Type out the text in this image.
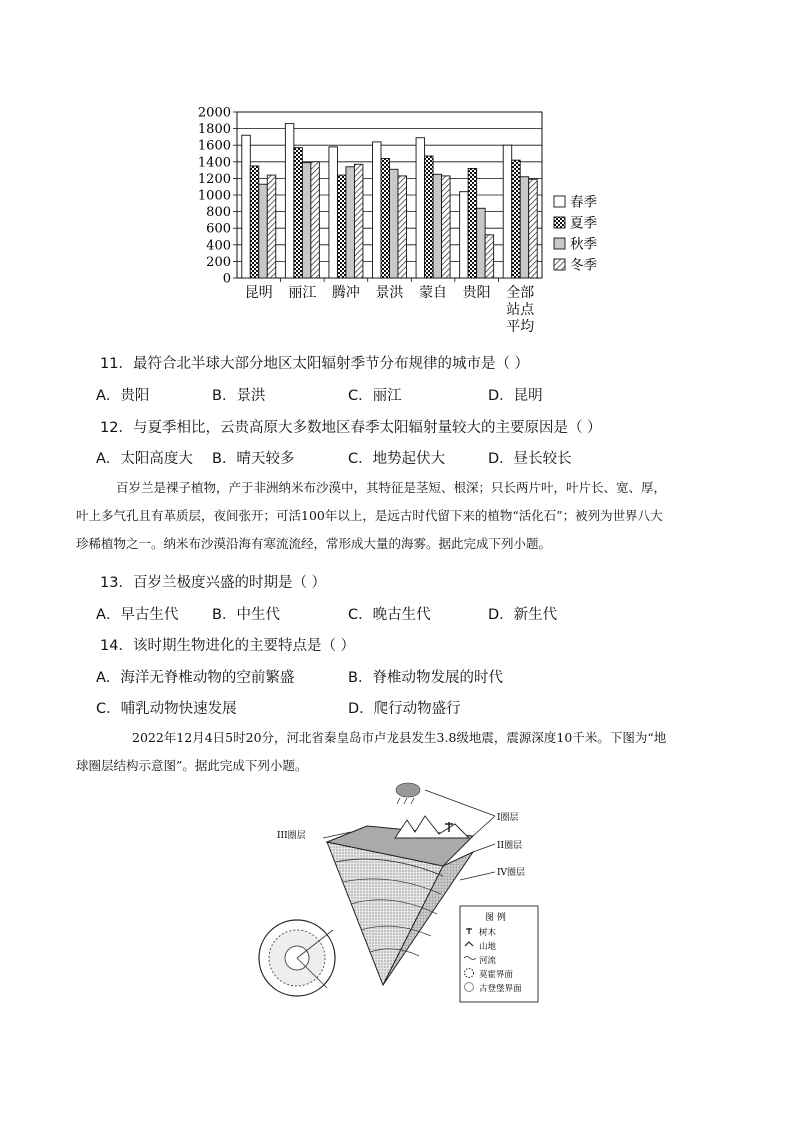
0
200
400
600
800
1000
1200
1400
1600
1800
2000
昆明 丽江 腾冲 景洪 蒙自 贵阳 全部
站点
平均
春季
夏季
秋季
冬季
11．最符合北半球大部分地区太阳辐射季节分布规律的城市是（ ）
A．贵阳	B．景洪	C．丽江	D．昆明
12．与夏季相比，云贵高原大多数地区春季太阳辐射量较大的主要原因是（ ）
A．太阳高度大 B．晴天较多	C．地势起伏大	D．昼长较长
百岁兰是裸子植物，产于非洲纳米布沙漠中，其特征是茎短、根深；只长两片叶，叶片长、宽、厚，
叶上多气孔且有革质层，夜间张开；可活100年以上，是远古时代留下来的植物“活化石”；被列为世界八大
珍稀植物之一。纳米布沙漠沿海有寒流流经，常形成大量的海雾。据此完成下列小题。
13．百岁兰极度兴盛的时期是（ ）
A．早古生代 B．中生代	C．晚古生代	D．新生代
14．该时期生物进化的主要特点是（ ）
A．海洋无脊椎动物的空前繁盛	B．脊椎动物发展的时代
C．哺乳动物快速发展	D．爬行动物盛行
2022年12月4日5时20分，河北省秦皇岛市卢龙县发生3.8级地震，震源深度10千米。下图为“地
球圈层结构示意图”。据此完成下列小题。
I圈层
II圈层
III圈层
IV圈层
图 例
树木
山地
河流
莫霍界面
古登堡界面
